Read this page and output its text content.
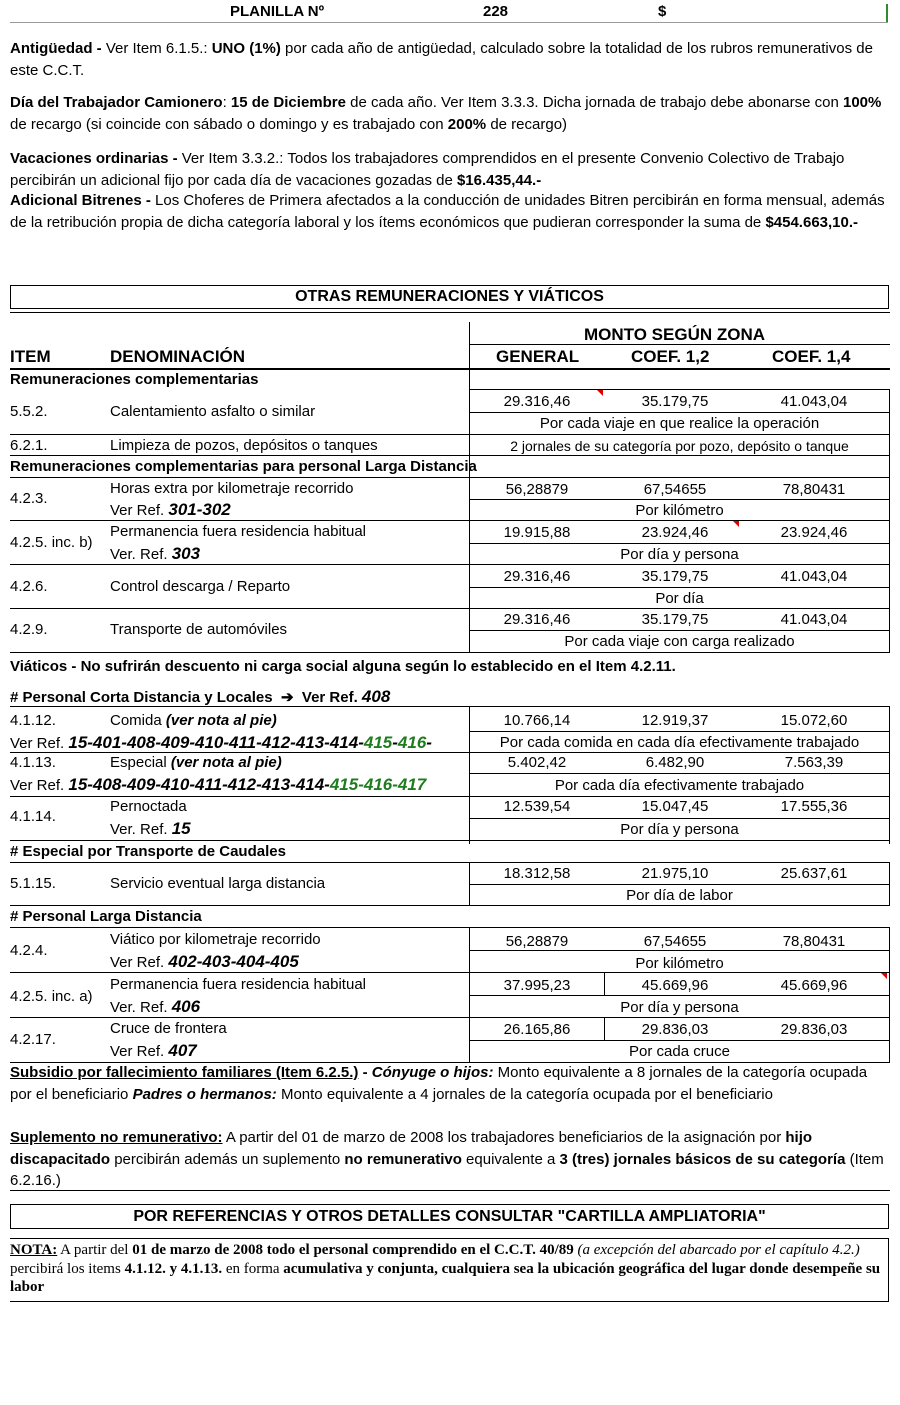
PLANILLA Nº	228	$

Antigüedad - Ver Item 6.1.5.: UNO (1%) por cada año de antigüedad, calculado sobre la totalidad de los rubros remunerativos de este C.C.T.

Día del Trabajador Camionero: 15 de Diciembre de cada año. Ver Item 3.3.3. Dicha jornada de trabajo debe abonarse con 100% de recargo (si coincide con sábado o domingo y es trabajado con 200% de recargo)

Vacaciones ordinarias - Ver Item 3.3.2.: Todos los trabajadores comprendidos en el presente Convenio Colectivo de Trabajo percibirán un adicional fijo por cada día de vacaciones gozadas de $16.435,44.-

Adicional Bitrenes - Los Choferes de Primera afectados a la conducción de unidades Bitren percibirán en forma mensual, además de la retribución propia de dicha categoría laboral y los ítems económicos que pudieran corresponder la suma de $454.663,10.-

OTRAS REMUNERACIONES Y VIÁTICOS
MONTO SEGÚN ZONA
ITEM	DENOMINACIÓN	GENERAL	COEF. 1,2	COEF. 1,4
Remuneraciones complementarias
5.5.2.	Calentamiento asfalto o similar
29.316,46	35.179,75	41.043,04
Por cada viaje en que realice la operación
6.2.1.	Limpieza de pozos, depósitos o tanques	2 jornales de su categoría por pozo, depósito o tanque
Remuneraciones complementarias para personal Larga Distancia
4.2.3.
Horas extra por kilometraje recorrido
Ver Ref. 301-302
56,28879	67,54655	78,80431
Por kilómetro
4.2.5. inc. b)
Permanencia fuera residencia habitual
Ver. Ref. 303
19.915,88	23.924,46	23.924,46
Por día y persona
4.2.6.	Control descarga / Reparto
29.316,46	35.179,75	41.043,04
Por día
4.2.9.	Transporte de automóviles
29.316,46	35.179,75	41.043,04
Por cada viaje con carga realizado
Viáticos - No sufrirán descuento ni carga social alguna según lo establecido en el Item 4.2.11.
# Personal Corta Distancia y Locales ➔ Ver Ref. 408
4.1.12.	Comida (ver nota al pie)
Ver Ref. 15-401-408-409-410-411-412-413-414-415-416-
10.766,14	12.919,37	15.072,60
Por cada comida en cada día efectivamente trabajado
4.1.13.	Especial (ver nota al pie)
Ver Ref. 15-408-409-410-411-412-413-414-415-416-417
5.402,42	6.482,90	7.563,39
Por cada día efectivamente trabajado
4.1.14.
Pernoctada
Ver. Ref. 15
12.539,54	15.047,45	17.555,36
Por día y persona
# Especial por Transporte de Caudales
5.1.15.	Servicio eventual larga distancia
18.312,58	21.975,10	25.637,61
Por día de labor
# Personal Larga Distancia
4.2.4.
Viático por kilometraje recorrido
Ver Ref. 402-403-404-405
56,28879	67,54655	78,80431
Por kilómetro
4.2.5. inc. a)
Permanencia fuera residencia habitual
Ver. Ref. 406
37.995,23	45.669,96	45.669,96
Por día y persona
4.2.17.
Cruce de frontera
Ver Ref. 407
26.165,86	29.836,03	29.836,03
Por cada cruce

Subsidio por fallecimiento familiares (Item 6.2.5.) - Cónyuge o hijos: Monto equivalente a 8 jornales de la categoría ocupada por el beneficiario Padres o hermanos: Monto equivalente a 4 jornales de la categoría ocupada por el beneficiario

Suplemento no remunerativo: A partir del 01 de marzo de 2008 los trabajadores beneficiarios de la asignación por hijo discapacitado percibirán además un suplemento no remunerativo equivalente a 3 (tres) jornales básicos de su categoría (Item 6.2.16.)

POR REFERENCIAS Y OTROS DETALLES CONSULTAR "CARTILLA AMPLIATORIA"

NOTA: A partir del 01 de marzo de 2008 todo el personal comprendido en el C.C.T. 40/89 (a excepción del abarcado por el capítulo 4.2.) percibirá los items 4.1.12. y 4.1.13. en forma acumulativa y conjunta, cualquiera sea la ubicación geográfica del lugar donde desempeñe su labor
